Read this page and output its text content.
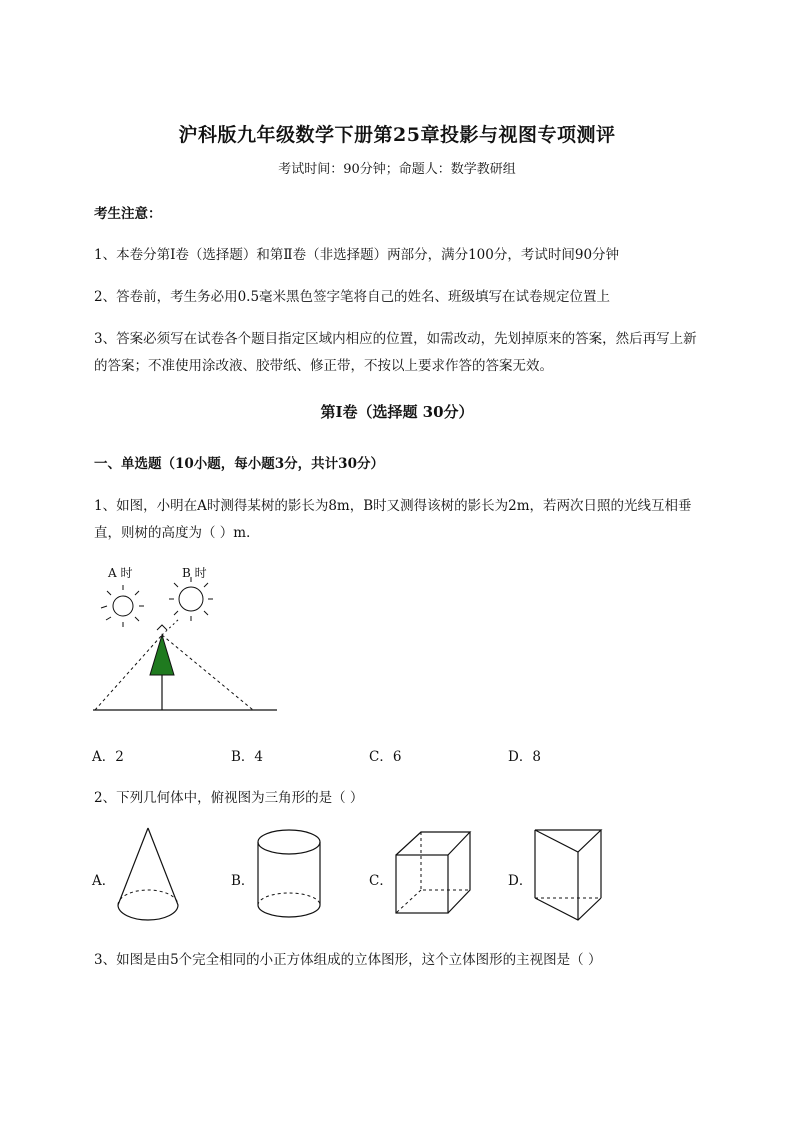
沪科版九年级数学下册第25章投影与视图专项测评
考试时间：90分钟；命题人：数学教研组
考生注意：
1、本卷分第I卷（选择题）和第Ⅱ卷（非选择题）两部分，满分100分，考试时间90分钟
2、答卷前，考生务必用0.5毫米黑色签字笔将自己的姓名、班级填写在试卷规定位置上
3、答案必须写在试卷各个题目指定区域内相应的位置，如需改动，先划掉原来的答案，然后再写上新
的答案；不准使用涂改液、胶带纸、修正带，不按以上要求作答的答案无效。
第I卷（选择题 30分）
一、单选题（10小题，每小题3分，共计30分）
1、如图，小明在A时测得某树的影长为8m，B时又测得该树的影长为2m，若两次日照的光线互相垂
直，则树的高度为（ ）m．
A 时	B 时
A．2	B．4	C．6	D．8
2、下列几何体中，俯视图为三角形的是（ ）
A．	B．	C．	D．
3、如图是由5个完全相同的小正方体组成的立体图形，这个立体图形的主视图是（ ）
